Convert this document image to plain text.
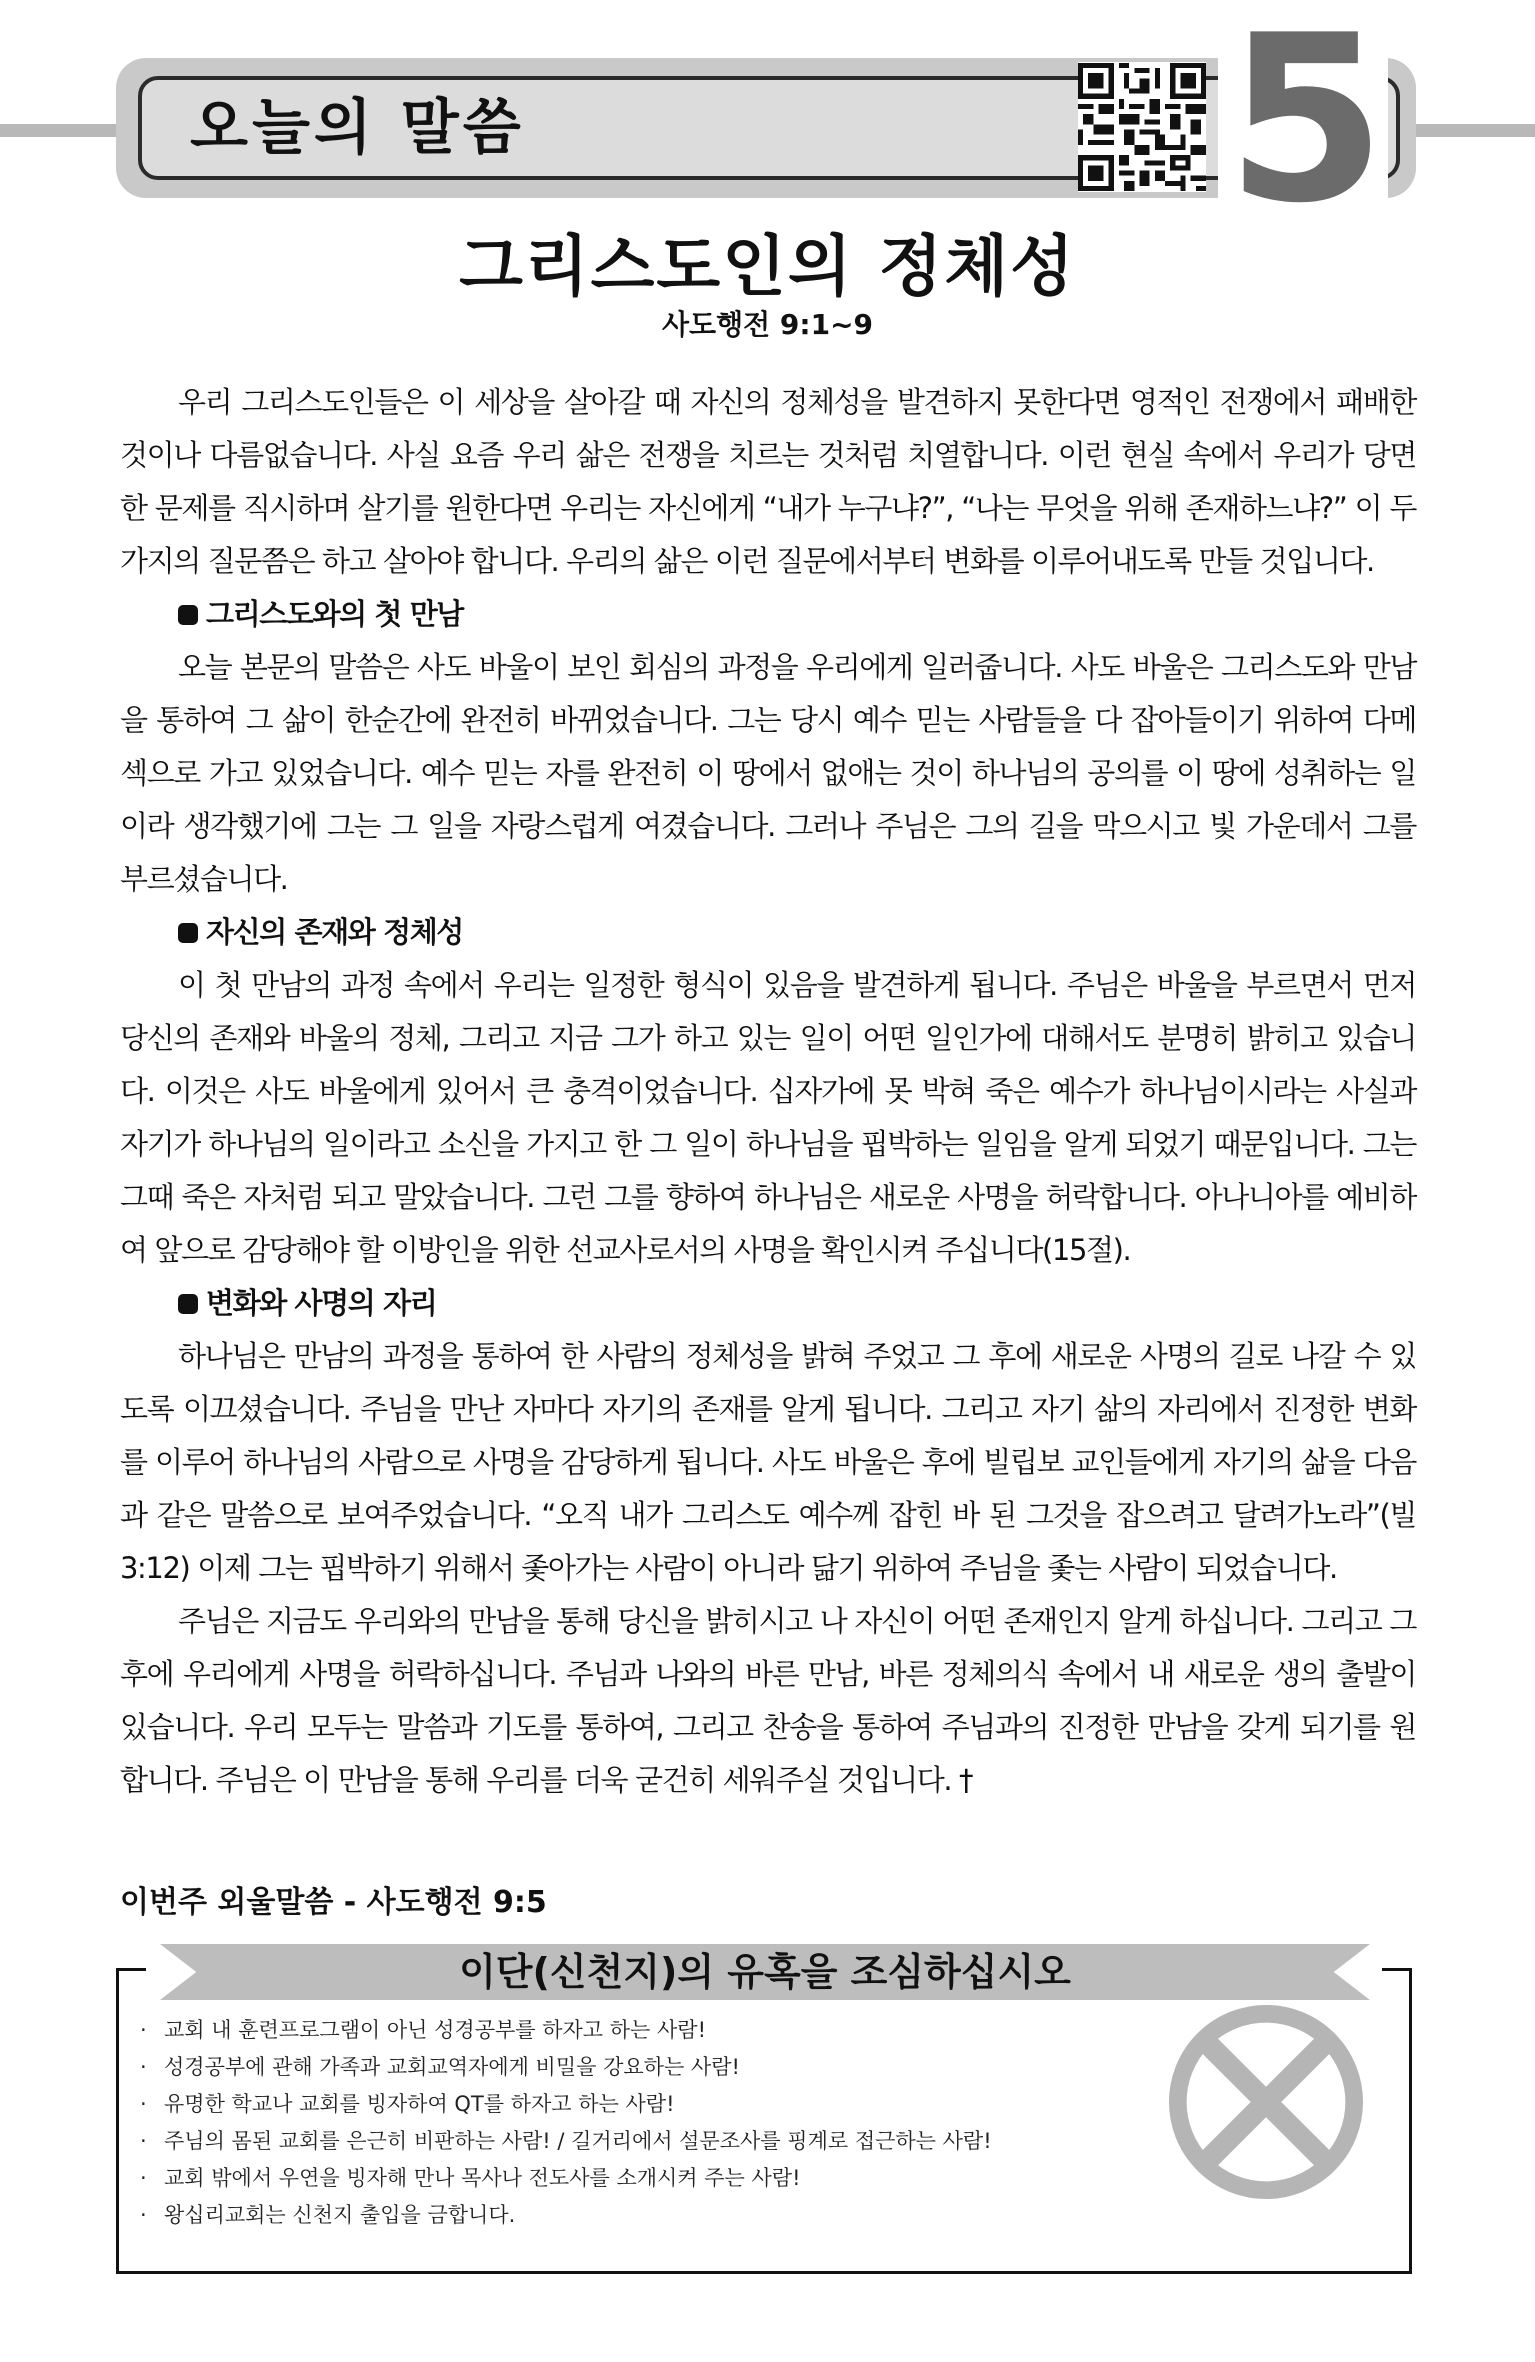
오늘의 말씀	5
그리스도인의 정체성
사도행전 9:1~9

우리 그리스도인들은 이 세상을 살아갈 때 자신의 정체성을 발견하지 못한다면 영적인 전쟁에서 패배한 것이나 다름없습니다. 사실 요즘 우리 삶은 전쟁을 치르는 것처럼 치열합니다. 이런 현실 속에서 우리가 당면한 문제를 직시하며 살기를 원한다면 우리는 자신에게 “내가 누구냐?”, “나는 무엇을 위해 존재하느냐?” 이 두 가지의 질문쯤은 하고 살아야 합니다. 우리의 삶은 이런 질문에서부터 변화를 이루어내도록 만들 것입니다.

그리스도와의 첫 만남

오늘 본문의 말씀은 사도 바울이 보인 회심의 과정을 우리에게 일러줍니다. 사도 바울은 그리스도와 만남을 통하여 그 삶이 한순간에 완전히 바뀌었습니다. 그는 당시 예수 믿는 사람들을 다 잡아들이기 위하여 다메섹으로 가고 있었습니다. 예수 믿는 자를 완전히 이 땅에서 없애는 것이 하나님의 공의를 이 땅에 성취하는 일이라 생각했기에 그는 그 일을 자랑스럽게 여겼습니다. 그러나 주님은 그의 길을 막으시고 빛 가운데서 그를 부르셨습니다.

자신의 존재와 정체성

이 첫 만남의 과정 속에서 우리는 일정한 형식이 있음을 발견하게 됩니다. 주님은 바울을 부르면서 먼저 당신의 존재와 바울의 정체, 그리고 지금 그가 하고 있는 일이 어떤 일인가에 대해서도 분명히 밝히고 있습니다. 이것은 사도 바울에게 있어서 큰 충격이었습니다. 십자가에 못 박혀 죽은 예수가 하나님이시라는 사실과 자기가 하나님의 일이라고 소신을 가지고 한 그 일이 하나님을 핍박하는 일임을 알게 되었기 때문입니다. 그는 그때 죽은 자처럼 되고 말았습니다. 그런 그를 향하여 하나님은 새로운 사명을 허락합니다. 아나니아를 예비하여 앞으로 감당해야 할 이방인을 위한 선교사로서의 사명을 확인시켜 주십니다(15절).

변화와 사명의 자리

하나님은 만남의 과정을 통하여 한 사람의 정체성을 밝혀 주었고 그 후에 새로운 사명의 길로 나갈 수 있도록 이끄셨습니다. 주님을 만난 자마다 자기의 존재를 알게 됩니다. 그리고 자기 삶의 자리에서 진정한 변화를 이루어 하나님의 사람으로 사명을 감당하게 됩니다. 사도 바울은 후에 빌립보 교인들에게 자기의 삶을 다음과 같은 말씀으로 보여주었습니다. “오직 내가 그리스도 예수께 잡힌 바 된 그것을 잡으려고 달려가노라”(빌3:12) 이제 그는 핍박하기 위해서 좇아가는 사람이 아니라 닮기 위하여 주님을 좇는 사람이 되었습니다.

주님은 지금도 우리와의 만남을 통해 당신을 밝히시고 나 자신이 어떤 존재인지 알게 하십니다. 그리고 그 후에 우리에게 사명을 허락하십니다. 주님과 나와의 바른 만남, 바른 정체의식 속에서 내 새로운 생의 출발이 있습니다. 우리 모두는 말씀과 기도를 통하여, 그리고 찬송을 통하여 주님과의 진정한 만남을 갖게 되기를 원합니다. 주님은 이 만남을 통해 우리를 더욱 굳건히 세워주실 것입니다. †

이번주 외울말씀 - 사도행전 9:5
이단(신천지)의 유혹을 조심하십시오
· 교회 내 훈련프로그램이 아닌 성경공부를 하자고 하는 사람!
· 성경공부에 관해 가족과 교회교역자에게 비밀을 강요하는 사람!
· 유명한 학교나 교회를 빙자하여 QT를 하자고 하는 사람!
· 주님의 몸된 교회를 은근히 비판하는 사람! / 길거리에서 설문조사를 핑계로 접근하는 사람!
· 교회 밖에서 우연을 빙자해 만나 목사나 전도사를 소개시켜 주는 사람!
· 왕십리교회는 신천지 출입을 금합니다.
